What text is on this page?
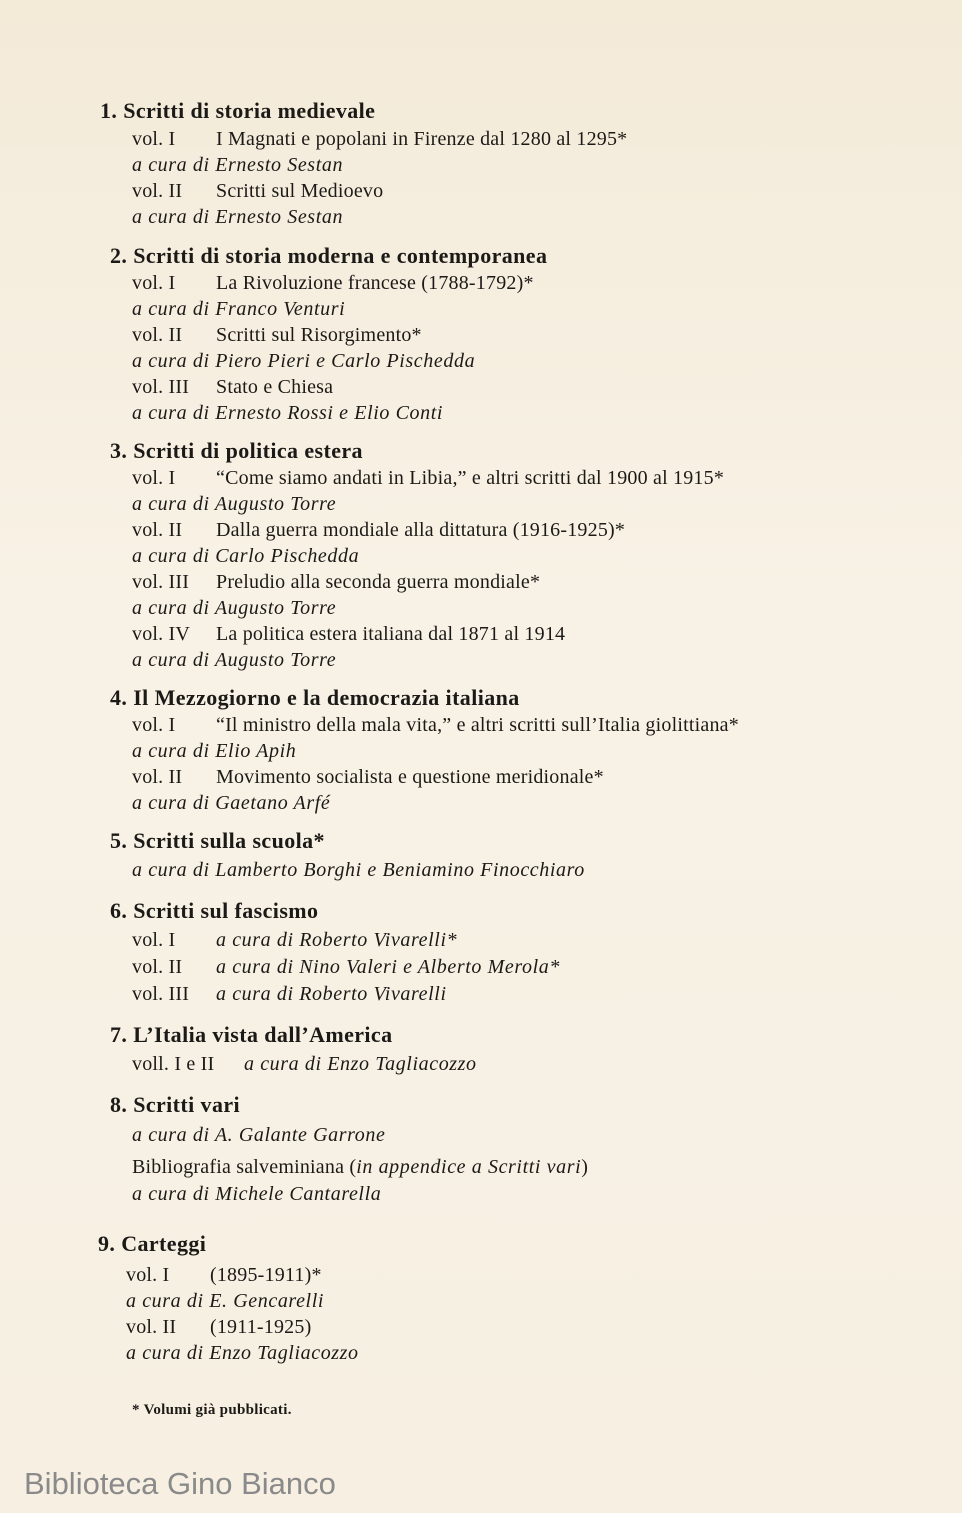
1. Scritti di storia medievale
vol. I I Magnati e popolani in Firenze dal 1280 al 1295*
a cura di Ernesto Sestan
vol. II Scritti sul Medioevo
a cura di Ernesto Sestan
2. Scritti di storia moderna e contemporanea
vol. I La Rivoluzione francese (1788-1792)*
a cura di Franco Venturi
vol. II Scritti sul Risorgimento*
a cura di Piero Pieri e Carlo Pischedda
vol. III Stato e Chiesa
a cura di Ernesto Rossi e Elio Conti
3. Scritti di politica estera
vol. I “Come siamo andati in Libia,” e altri scritti dal 1900 al 1915*
a cura di Augusto Torre
vol. II Dalla guerra mondiale alla dittatura (1916-1925)*
a cura di Carlo Pischedda
vol. III Preludio alla seconda guerra mondiale*
a cura di Augusto Torre
vol. IV La politica estera italiana dal 1871 al 1914
a cura di Augusto Torre
4. Il Mezzogiorno e la democrazia italiana
vol. I “Il ministro della mala vita,” e altri scritti sull’Italia giolittiana*
a cura di Elio Apih
vol. II Movimento socialista e questione meridionale*
a cura di Gaetano Arfé
5. Scritti sulla scuola*
a cura di Lamberto Borghi e Beniamino Finocchiaro
6. Scritti sul fascismo
vol. I a cura di Roberto Vivarelli*
vol. II a cura di Nino Valeri e Alberto Merola*
vol. III a cura di Roberto Vivarelli
7. L’Italia vista dall’America
voll. I e II a cura di Enzo Tagliacozzo
8. Scritti vari
a cura di A. Galante Garrone
Bibliografia salveminiana (in appendice a Scritti vari)
a cura di Michele Cantarella
9. Carteggi
vol. I (1895-1911)*
a cura di E. Gencarelli
vol. II (1911-1925)
a cura di Enzo Tagliacozzo
* Volumi già pubblicati.
Biblioteca Gino Bianco
